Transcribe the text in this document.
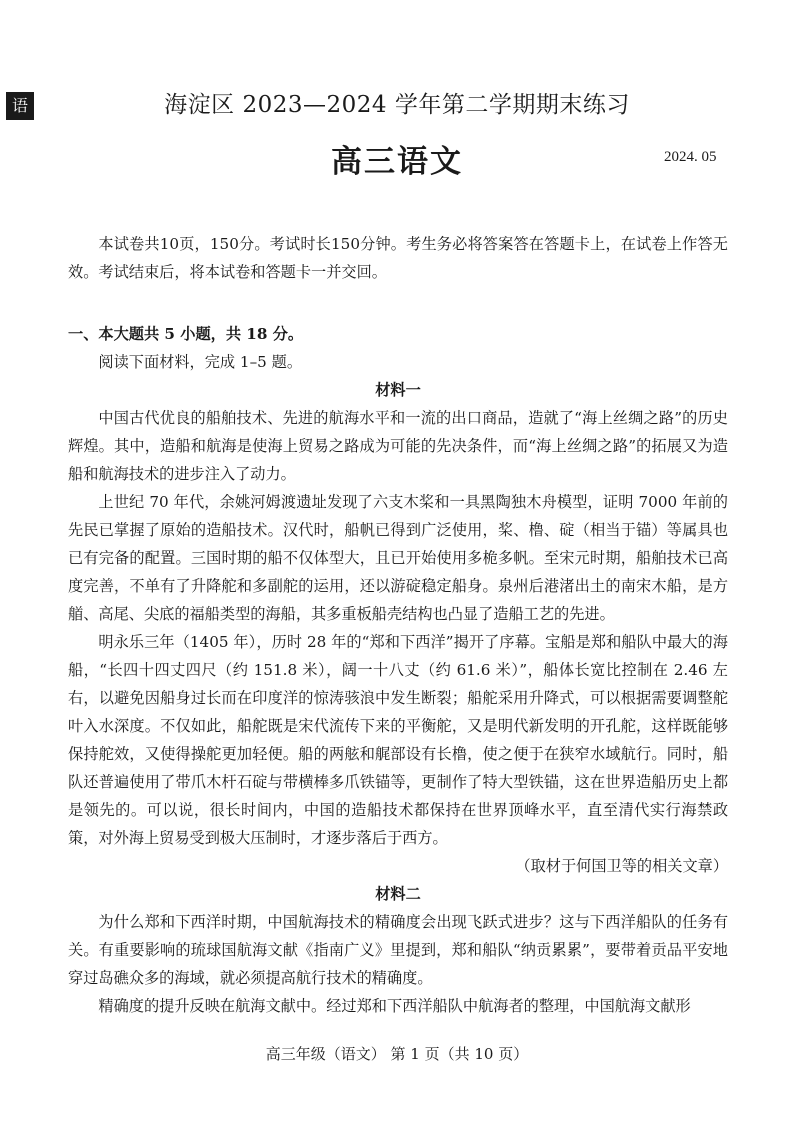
语	海淀区 2023—2024 学年第二学期期末练习
高三语文	2024. 05

本试卷共10页，150分。考试时长150分钟。考生务必将答案答在答题卡上，在试卷上作答无效。考试结束后，将本试卷和答题卡一并交回。

一、本大题共 5 小题，共 18 分。

阅读下面材料，完成 1–5 题。

材料一

中国古代优良的船舶技术、先进的航海水平和一流的出口商品，造就了“海上丝绸之路”的历史辉煌。其中，造船和航海是使海上贸易之路成为可能的先决条件，而“海上丝绸之路”的拓展又为造船和航海技术的进步注入了动力。

上世纪 70 年代，余姚河姆渡遗址发现了六支木桨和一具黑陶独木舟模型，证明 7000 年前的先民已掌握了原始的造船技术。汉代时，船帆已得到广泛使用，桨、橹、碇（相当于锚）等属具也已有完备的配置。三国时期的船不仅体型大，且已开始使用多桅多帆。至宋元时期，船舶技术已高度完善，不单有了升降舵和多副舵的运用，还以游碇稳定船身。泉州后港渚出土的南宋木船，是方艏、高尾、尖底的福船类型的海船，其多重板船壳结构也凸显了造船工艺的先进。

明永乐三年（1405 年），历时 28 年的“郑和下西洋”揭开了序幕。宝船是郑和船队中最大的海船，“长四十四丈四尺（约 151.8 米），阔一十八丈（约 61.6 米）”，船体长宽比控制在 2.46 左右，以避免因船身过长而在印度洋的惊涛骇浪中发生断裂；船舵采用升降式，可以根据需要调整舵叶入水深度。不仅如此，船舵既是宋代流传下来的平衡舵，又是明代新发明的开孔舵，这样既能够保持舵效，又使得操舵更加轻便。船的两舷和艉部设有长橹，使之便于在狭窄水域航行。同时，船队还普遍使用了带爪木杆石碇与带横棒多爪铁锚等，更制作了特大型铁锚，这在世界造船历史上都是领先的。可以说，很长时间内，中国的造船技术都保持在世界顶峰水平，直至清代实行海禁政策，对外海上贸易受到极大压制时，才逐步落后于西方。

（取材于何国卫等的相关文章）

材料二

为什么郑和下西洋时期，中国航海技术的精确度会出现飞跃式进步？这与下西洋船队的任务有关。有重要影响的琉球国航海文献《指南广义》里提到，郑和船队“纳贡累累”，要带着贡品平安地穿过岛礁众多的海域，就必须提高航行技术的精确度。

精确度的提升反映在航海文献中。经过郑和下西洋船队中航海者的整理，中国航海文献形

高三年级（语文） 第 1 页（共 10 页）
